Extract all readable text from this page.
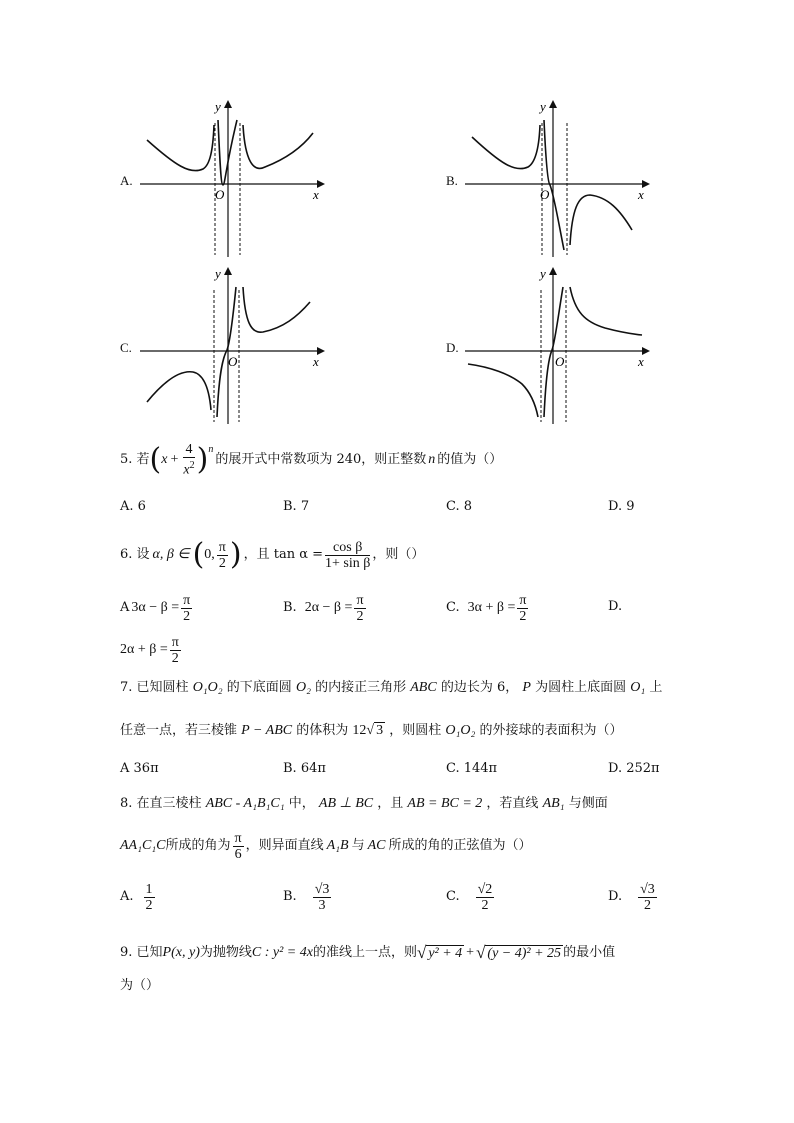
A.
x
y
O
B.
x
y
O
C.
x
y
O
D.
x
y
O
5. 若 ( $x + \frac{4}{x^2} )^n$
的展开式中常数项为 240，则正整数 n 的值为（）
A. 6	B. 7	C. 8	D. 9
6. 设 α, β ∈ ( 0, $\frac{\pi}{2}$ ) ，且 $\tan \alpha = \frac{\text{cos β}}{\text{1+ sin β}}$ ，则（）
A $3\alpha - \beta = \frac{\pi}{2}$	B. $2\alpha - \beta = \frac{\pi}{2}$	C. $3\alpha + \beta = \frac{\pi}{2}$	D.
$2\alpha + \beta = \frac{\pi}{2}$
7. 已知圆柱 O₁O₂ 的下底面圆 O₂ 的内接正三角形 ABC 的边长为 6， P 为圆柱上底面圆 O₁ 上
任意一点，若三棱锥 P − ABC 的体积为 12√ 3 ，则圆柱 O₁O₂ 的外接球的表面积为（）
A 36π	B. 64π	C. 144π	D. 252π
8. 在直三棱柱 ABC - A₁B₁C₁ 中， AB ⊥ BC ，且 AB = BC = 2 ，若直线 AB₁ 与侧面
AA₁C₁C 所成的角为 $\frac{\pi}{6}$ ，则异面直线 A₁B 与 AC 所成的角的正弦值为（）
A. $\frac{1}{2}$	B. $\frac{√3}{3}$	C. $\frac{√2}{2}$	D. $\frac{√3}{2}$
9. 已知 P(x, y) 为抛物线 C : y² = 4x 的准线上一点，则 √ y² + 4 + √ (y − 4)² + 25 的最小值
为（）
